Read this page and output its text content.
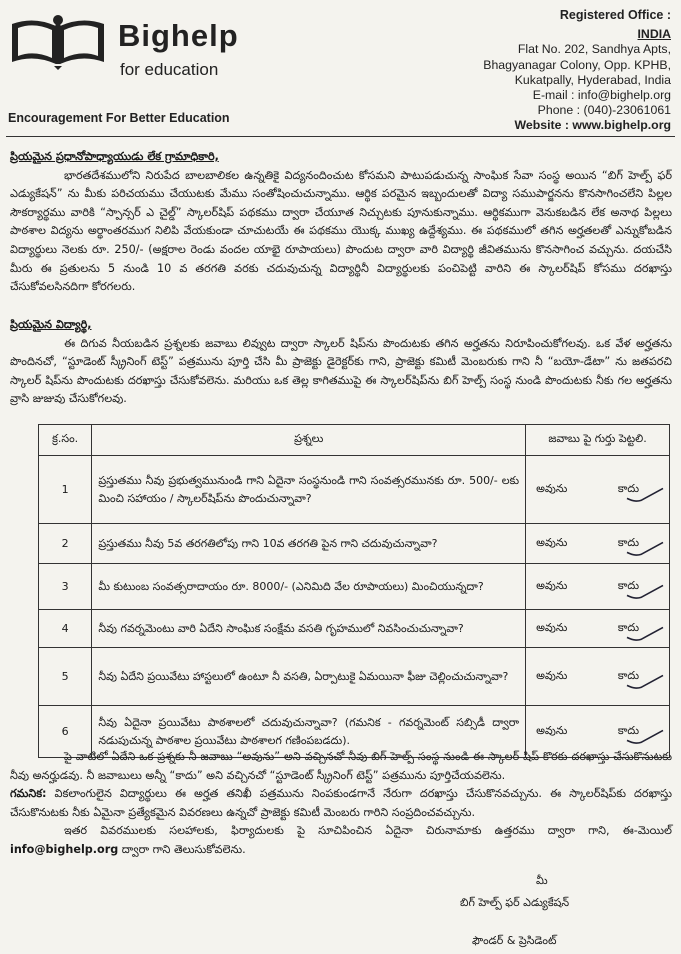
Bighelp
for education
Encouragement For Better Education
Registered Office :
INDIA
Flat No. 202, Sandhya Apts,
Bhagyanagar Colony, Opp. KPHB,
Kukatpally, Hyderabad, India
E-mail : info@bighelp.org
Phone : (040)-23061061
Website : www.bighelp.org

ప్రియమైన ప్రధానోపాధ్యాయుడు లేక గ్రామాధికారి,

భారతదేశములోని నిరుపేద బాలబాలికల ఉన్నతికై విద్యనందించుట కోసమని పాటుపడుచున్న సాంఘిక సేవా సంస్థ అయిన “బిగ్ హెల్ప్ ఫర్ ఎడ్యుకేషన్” ను మీకు పరిచయము చేయుటకు మేము సంతోషించుచున్నాము. ఆర్థిక పరమైన ఇబ్బందులతో విద్యా సముపార్జనను కొనసాగించలేని పిల్లల సౌకర్యార్థము వారికి “స్పాన్సర్ ఎ చైల్డ్” స్కాలర్‌షిప్ పథకము ద్వారా చేయూత నిచ్చుటకు పూనుకున్నాము. ఆర్థికముగా వెనుకబడిన లేక అనాథ పిల్లలు పాఠశాల విద్యను అర్థాంతరముగ నిలిపి వేయకుండా చూచుటయే ఈ పథకము యొక్క ముఖ్య ఉద్దేశ్యము. ఈ పథకములో తగిన అర్హతలతో ఎన్నుకోబడిన విద్యార్థులు నెలకు రూ. 250/- (అక్షరాల రెండు వందల యాభై రూపాయలు) పొందుట ద్వారా వారి విద్యార్థి జీవితమును కొనసాగించ వచ్చును. దయచేసి మీరు ఈ ప్రతులను 5 నుండి 10 వ తరగతి వరకు చదువుచున్న విద్యార్థినీ విద్యార్థులకు పంచిపెట్టి వారిని ఈ స్కాలర్‌షిప్ కోసము దరఖాస్తు చేసుకోవలసినదిగా కోరగలరు.

ప్రియమైన విద్యార్థి,

ఈ దిగువ నీయబడిన ప్రశ్నలకు జవాబు లివ్వుట ద్వారా స్కాలర్ షిప్‌ను పొందుటకు తగిన అర్హతను నిరూపించుకోగలవు. ఒక వేళ అర్హతను పొందినచో, “స్టూడెంట్ స్క్రీనింగ్ టెస్ట్” పత్రమును పూర్తి చేసి మీ ప్రాజెక్టు డైరెక్టర్‌కు గాని, ప్రాజెక్టు కమిటీ మెంబరుకు గాని నీ “బయో-డేటా” ను జతపరచి స్కాలర్ షిప్‌ను పొందుటకు దరఖాస్తు చేసుకోవలెను. మరియు ఒక తెల్ల కాగితముపై ఈ స్కాలర్‌షిప్‌ను బిగ్ హెల్ప్ సంస్థ నుండి పొందుటకు నీకు గల అర్హతను వ్రాసి జుజువు చేసుకోగలవు.

క్ర.సం.	ప్రశ్నలు	జవాబు పై గుర్తు పెట్టలి.
1	ప్రస్తుతము నీవు ప్రభుత్వమునుండి గాని ఏదైనా సంస్థనుండి గాని సంవత్సరమునకు రూ. 500/- లకు మించి సహాయం / స్కాలర్‌షిప్‌ను పొందుచున్నావా?	అవును కాదు

2	ప్రస్తుతము నీవు 5వ తరగతిలోపు గాని 10వ తరగతి పైన గాని చదువుచున్నావా?	అవును కాదు

3	మీ కుటుంబ సంవత్సరాదాయం రూ. 8000/- (ఎనిమిది వేల రూపాయలు) మించియున్నదా?	అవును కాదు

4	నీవు గవర్నమెంటు వారి ఏదేని సాంఘిక సంక్షేమ వసతి గృహములో నివసించుచున్నావా?	అవును కాదు

5	నీవు ఏదేని ప్రయివేటు హాస్టలులో ఉంటూ నీ వసతి, ఏర్పాటుకై ఏమయినా ఫీజు చెల్లించుచున్నావా?	అవును కాదు

6	నీవు ఏదైనా ప్రయివేటు పాఠశాలలో చదువుచున్నావా? (గమనిక - గవర్నమెంట్ సబ్సిడీ ద్వారా నడుపుచున్న పాఠశాల ప్రయివేటు పాఠశాలగ గణింపబడదు).	అవును కాదు

పై వాటిలో ఏదేని ఒక ప్రశ్నకు నీ జవాబు “అవును” అని వచ్చినచో నీవు బిగ్ హెల్ప్ సంస్థ నుండి ఈ స్కాలర్ షిప్ కొరకు దరఖాస్తు చేసుకొనుటకు నీవు అనర్హుడవు. నీ జవాబులు అన్నీ “కాదు” అని వచ్చినచో “స్టూడెంట్ స్క్రీనింగ్ టెస్ట్” పత్రమును పూర్తిచేయవలెను.

గమనిక: వికలాంగులైన విద్యార్థులు ఈ అర్హత తనిఖీ పత్రమును నింపకుండగానే నేరుగా దరఖాస్తు చేసుకొనవచ్చును. ఈ స్కాలర్‌షిప్‌కు దరఖాస్తు చేసుకొనుటకు నీకు ఏమైనా ప్రత్యేకమైన వివరణలు ఉన్నచో ప్రాజెక్టు కమిటీ మెంబరు గారిని సంప్రదించవచ్చును.

ఇతర వివరములకు సలహాలకు, ఫిర్యాదులకు పై సూచిపించిన ఏదైనా చిరునామాకు ఉత్తరము ద్వారా గాని, ఈ-మెయిల్ info@bighelp.org ద్వారా గాని తెలుసుకోవలెను.

మీ
బిగ్ హెల్ప్ ఫర్ ఎడ్యుకేషన్
ఫౌండర్ & ప్రెసిడెంట్
